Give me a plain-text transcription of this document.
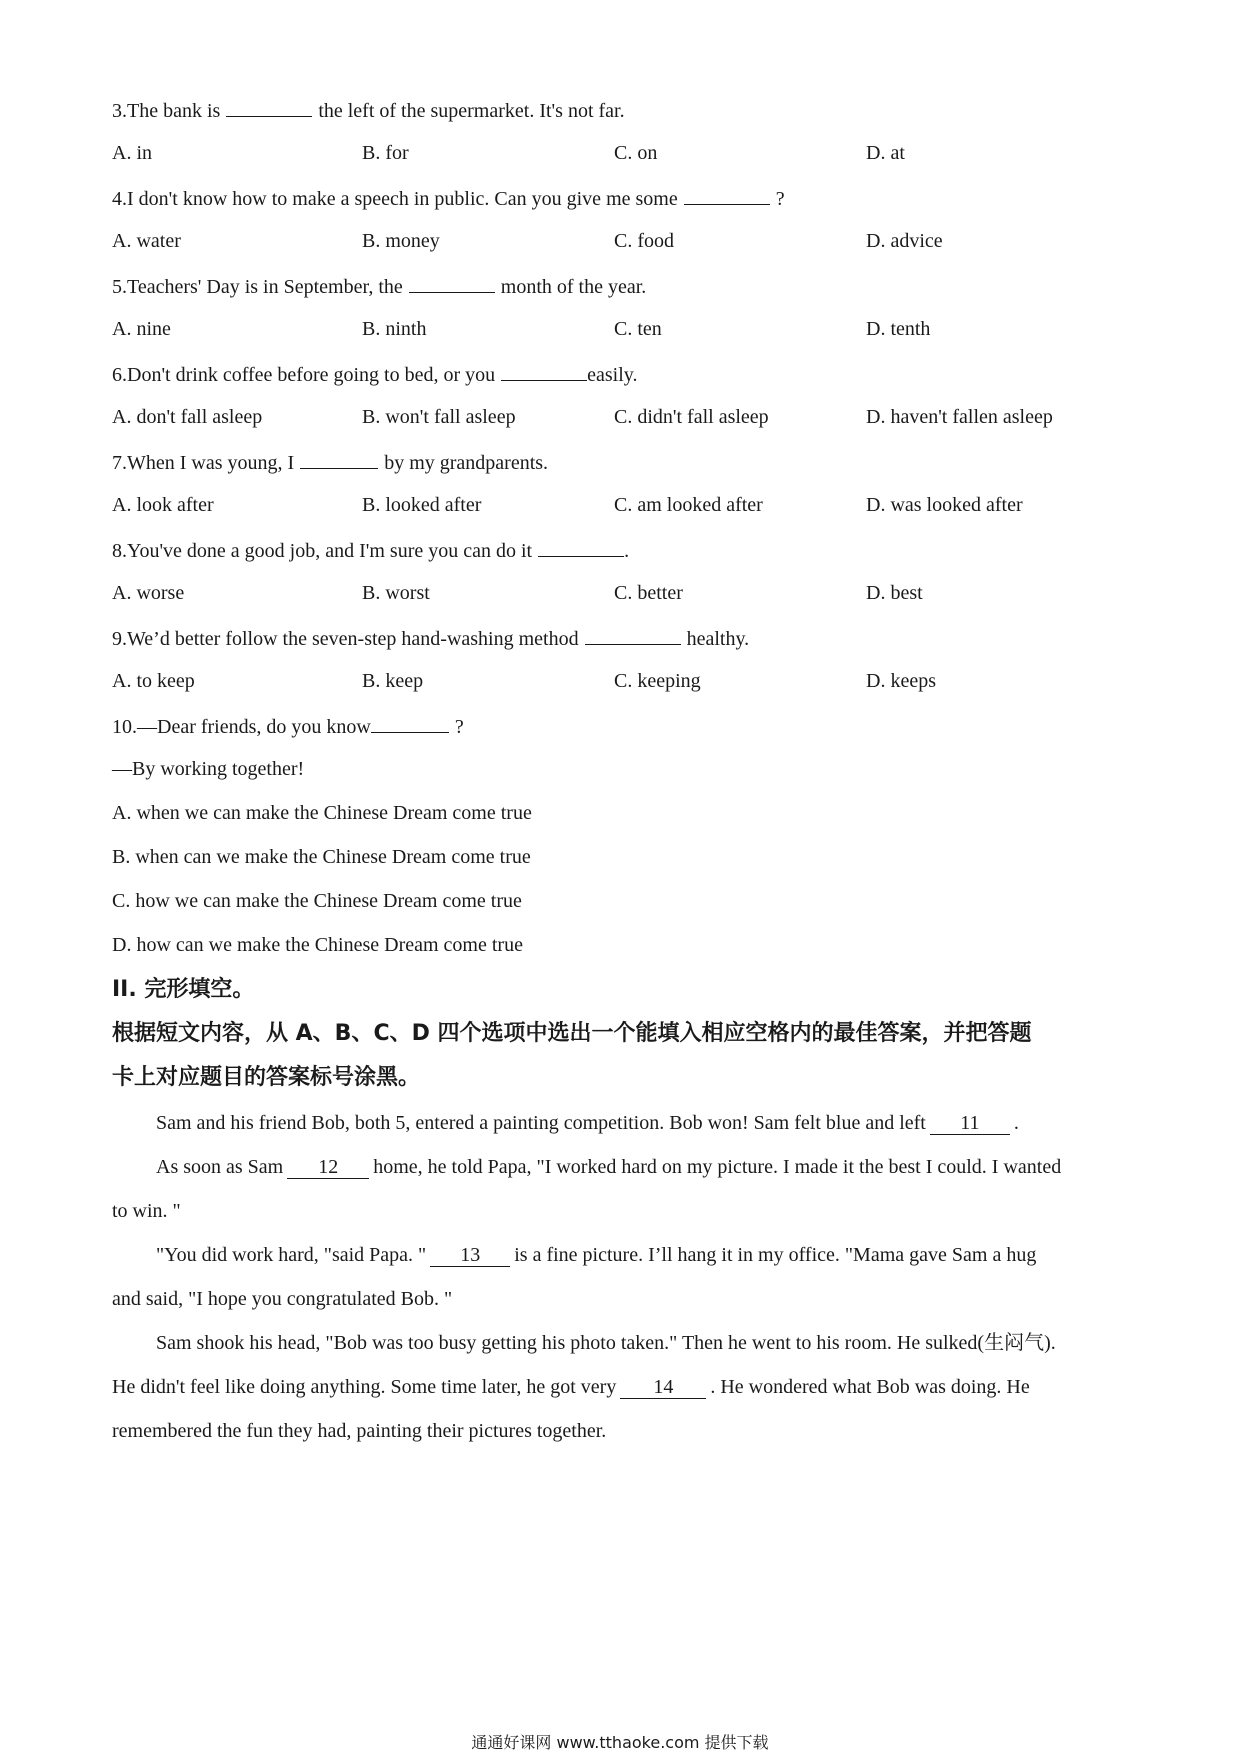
3.The bank is	the left of the supermarket. It's not far.
A. in	B. for	C. on	D. at
4.I don't know how to make a speech in public. Can you give me some	?
A. water	B. money	C. food	D. advice
5.Teachers' Day is in September, the	month of the year.
A. nine	B. ninth	C. ten	D. tenth
6.Don't drink coffee before going to bed, or you	easily.
A. don't fall asleep	B. won't fall asleep	C. didn't fall asleep	D. haven't fallen asleep
7.When I was young, I	by my grandparents.
A. look after	B. looked after	C. am looked after	D. was looked after
8.You've done a good job, and I'm sure you can do it	.
A. worse	B. worst	C. better	D. best
9.We’d better follow the seven-step hand-washing method	healthy.
A. to keep	B. keep	C. keeping	D. keeps
10.—Dear friends, do you know	?
—By working together!
A. when we can make the Chinese Dream come true
B. when can we make the Chinese Dream come true
C. how we can make the Chinese Dream come true
D. how can we make the Chinese Dream come true
II. 完形填空。
根据短文内容，从 A、B、C、D 四个选项中选出一个能填入相应空格内的最佳答案，并把答题
卡上对应题目的答案标号涂黑。
Sam and his friend Bob, both 5, entered a painting competition. Bob won! Sam felt blue and left 11 .
As soon as Sam 12 home, he told Papa, "I worked hard on my picture. I made it the best I could. I wanted
to win. "
"You did work hard, "said Papa. " 13 is a fine picture. I’ll hang it in my office. "Mama gave Sam a hug
and said, "I hope you congratulated Bob. "
Sam shook his head, "Bob was too busy getting his photo taken." Then he went to his room. He sulked(生闷气).
He didn't feel like doing anything. Some time later, he got very 14 . He wondered what Bob was doing. He
remembered the fun they had, painting their pictures together.
通通好课网 www.tthaoke.com 提供下载
